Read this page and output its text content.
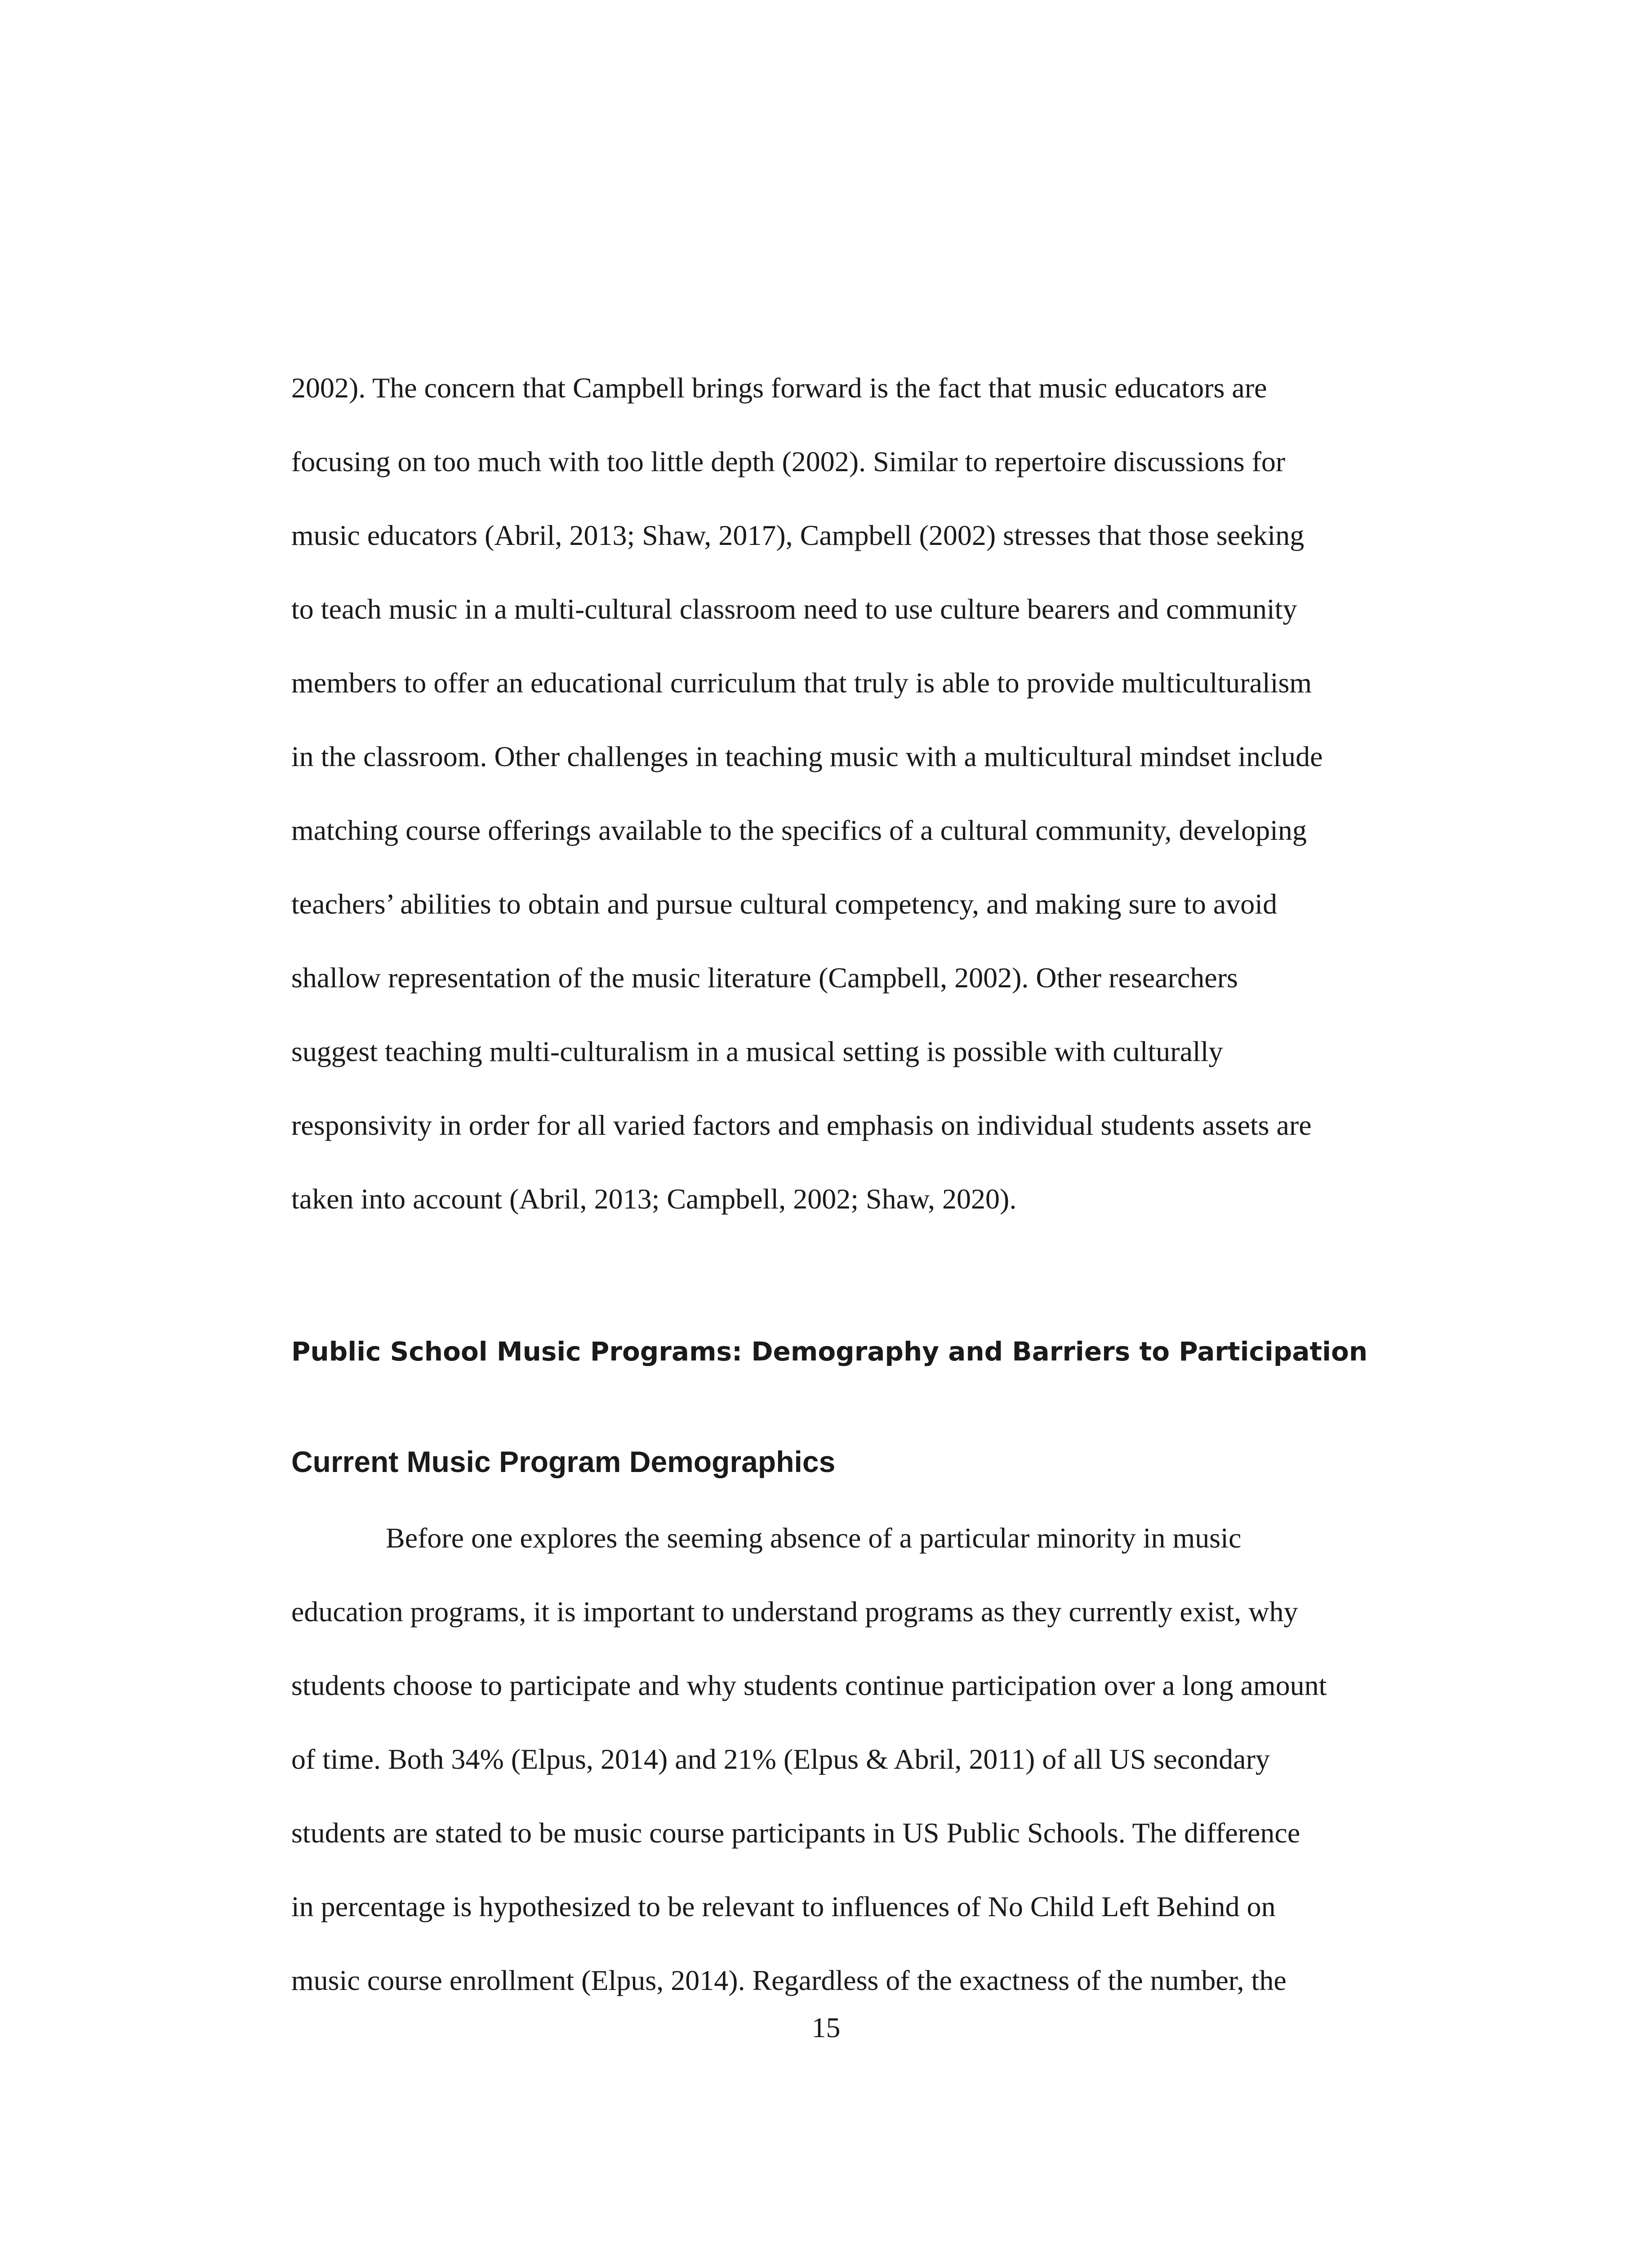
2002). The concern that Campbell brings forward is the fact that music educators are

focusing on too much with too little depth (2002). Similar to repertoire discussions for

music educators (Abril, 2013; Shaw, 2017), Campbell (2002) stresses that those seeking

to teach music in a multi-cultural classroom need to use culture bearers and community

members to offer an educational curriculum that truly is able to provide multiculturalism

in the classroom. Other challenges in teaching music with a multicultural mindset include

matching course offerings available to the specifics of a cultural community, developing

teachers’ abilities to obtain and pursue cultural competency, and making sure to avoid

shallow representation of the music literature (Campbell, 2002). Other researchers

suggest teaching multi-culturalism in a musical setting is possible with culturally

responsivity in order for all varied factors and emphasis on individual students assets are

taken into account (Abril, 2013; Campbell, 2002; Shaw, 2020).

Public School Music Programs: Demography and Barriers to Participation
Current Music Program Demographics

Before one explores the seeming absence of a particular minority in music

education programs, it is important to understand programs as they currently exist, why

students choose to participate and why students continue participation over a long amount

of time. Both 34% (Elpus, 2014) and 21% (Elpus & Abril, 2011) of all US secondary

students are stated to be music course participants in US Public Schools. The difference

in percentage is hypothesized to be relevant to influences of No Child Left Behind on

music course enrollment (Elpus, 2014). Regardless of the exactness of the number, the

15
